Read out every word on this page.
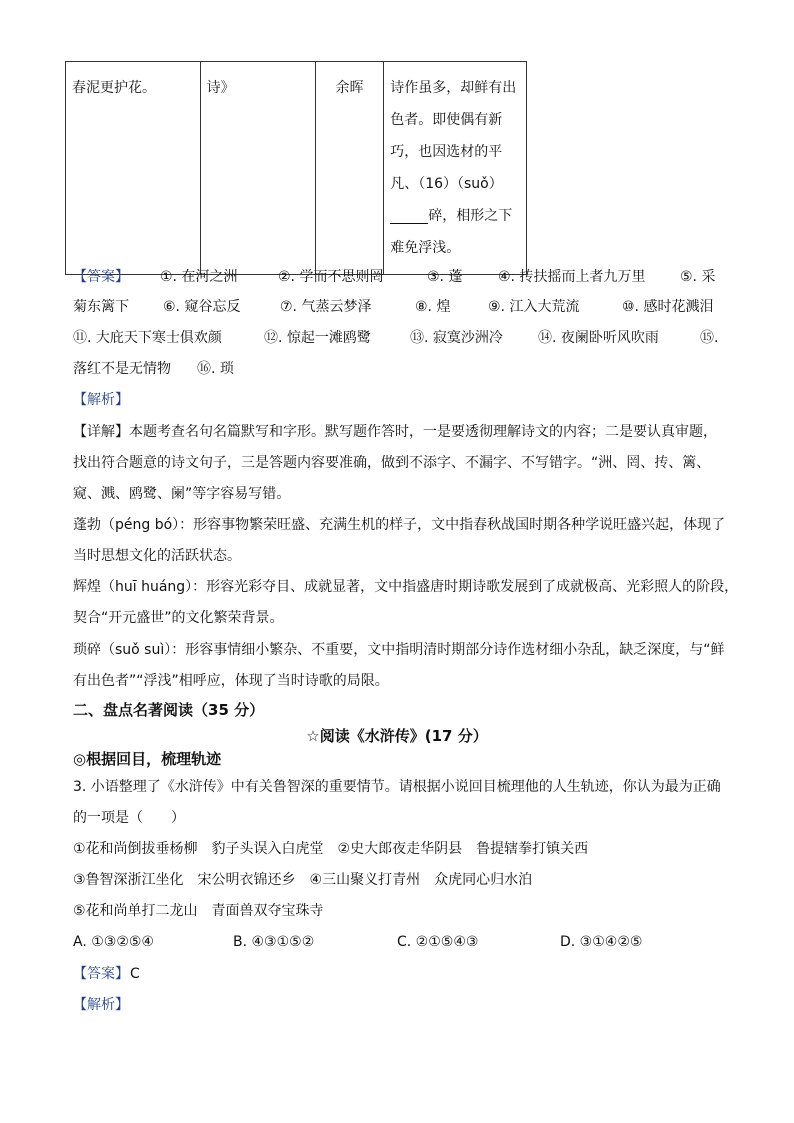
春泥更护花。	诗》	余晖	诗作虽多，却鲜有出色者。即使偶有新巧，也因选材的平凡、（16）（suǒ）碎，相形之下难免浮浅。
【答案】 ①. 在河之洲	②. 学而不思则罔	③. 蓬	④. 抟扶摇而上者九万里 ⑤. 采
菊东篱下 ⑥. 窥谷忘反	⑦. 气蒸云梦泽	⑧. 煌	⑨. 江入大荒流	⑩. 感时花溅泪
⑪. 大庇天下寒士俱欢颜	⑫. 惊起一滩鸥鹭	⑬. 寂寞沙洲冷	⑭. 夜阑卧听风吹雨	⑮.
落红不是无情物 ⑯. 琐
【解析】
【详解】本题考查名句名篇默写和字形。默写题作答时，一是要透彻理解诗文的内容；二是要认真审题，
找出符合题意的诗文句子，三是答题内容要准确，做到不添字、不漏字、不写错字。“洲、罔、抟、篱、
窥、溅、鸥鹭、阑”等字容易写错。
蓬勃（péng bó）：形容事物繁荣旺盛、充满生机的样子，文中指春秋战国时期各种学说旺盛兴起，体现了
当时思想文化的活跃状态。
辉煌（huī huáng）：形容光彩夺目、成就显著，文中指盛唐时期诗歌发展到了成就极高、光彩照人的阶段，
契合“开元盛世”的文化繁荣背景。
琐碎（suǒ suì）：形容事情细小繁杂、不重要，文中指明清时期部分诗作选材细小杂乱，缺乏深度，与“鲜
有出色者”“浮浅”相呼应，体现了当时诗歌的局限。
二、盘点名著阅读（35 分）
☆阅读《水浒传》(17 分）
◎根据回目，梳理轨迹
3. 小语整理了《水浒传》中有关鲁智深的重要情节。请根据小说回目梳理他的人生轨迹，你认为最为正确
的一项是（　　）
①花和尚倒拔垂杨柳　豹子头误入白虎堂　②史大郎夜走华阴县　鲁提辖拳打镇关西
③鲁智深浙江坐化　宋公明衣锦还乡　④三山聚义打青州　众虎同心归水泊
⑤花和尚单打二龙山　青面兽双夺宝珠寺
A. ①③②⑤④	B. ④③①⑤②	C. ②①⑤④③	D. ③①④②⑤
【答案】 C
【解析】
